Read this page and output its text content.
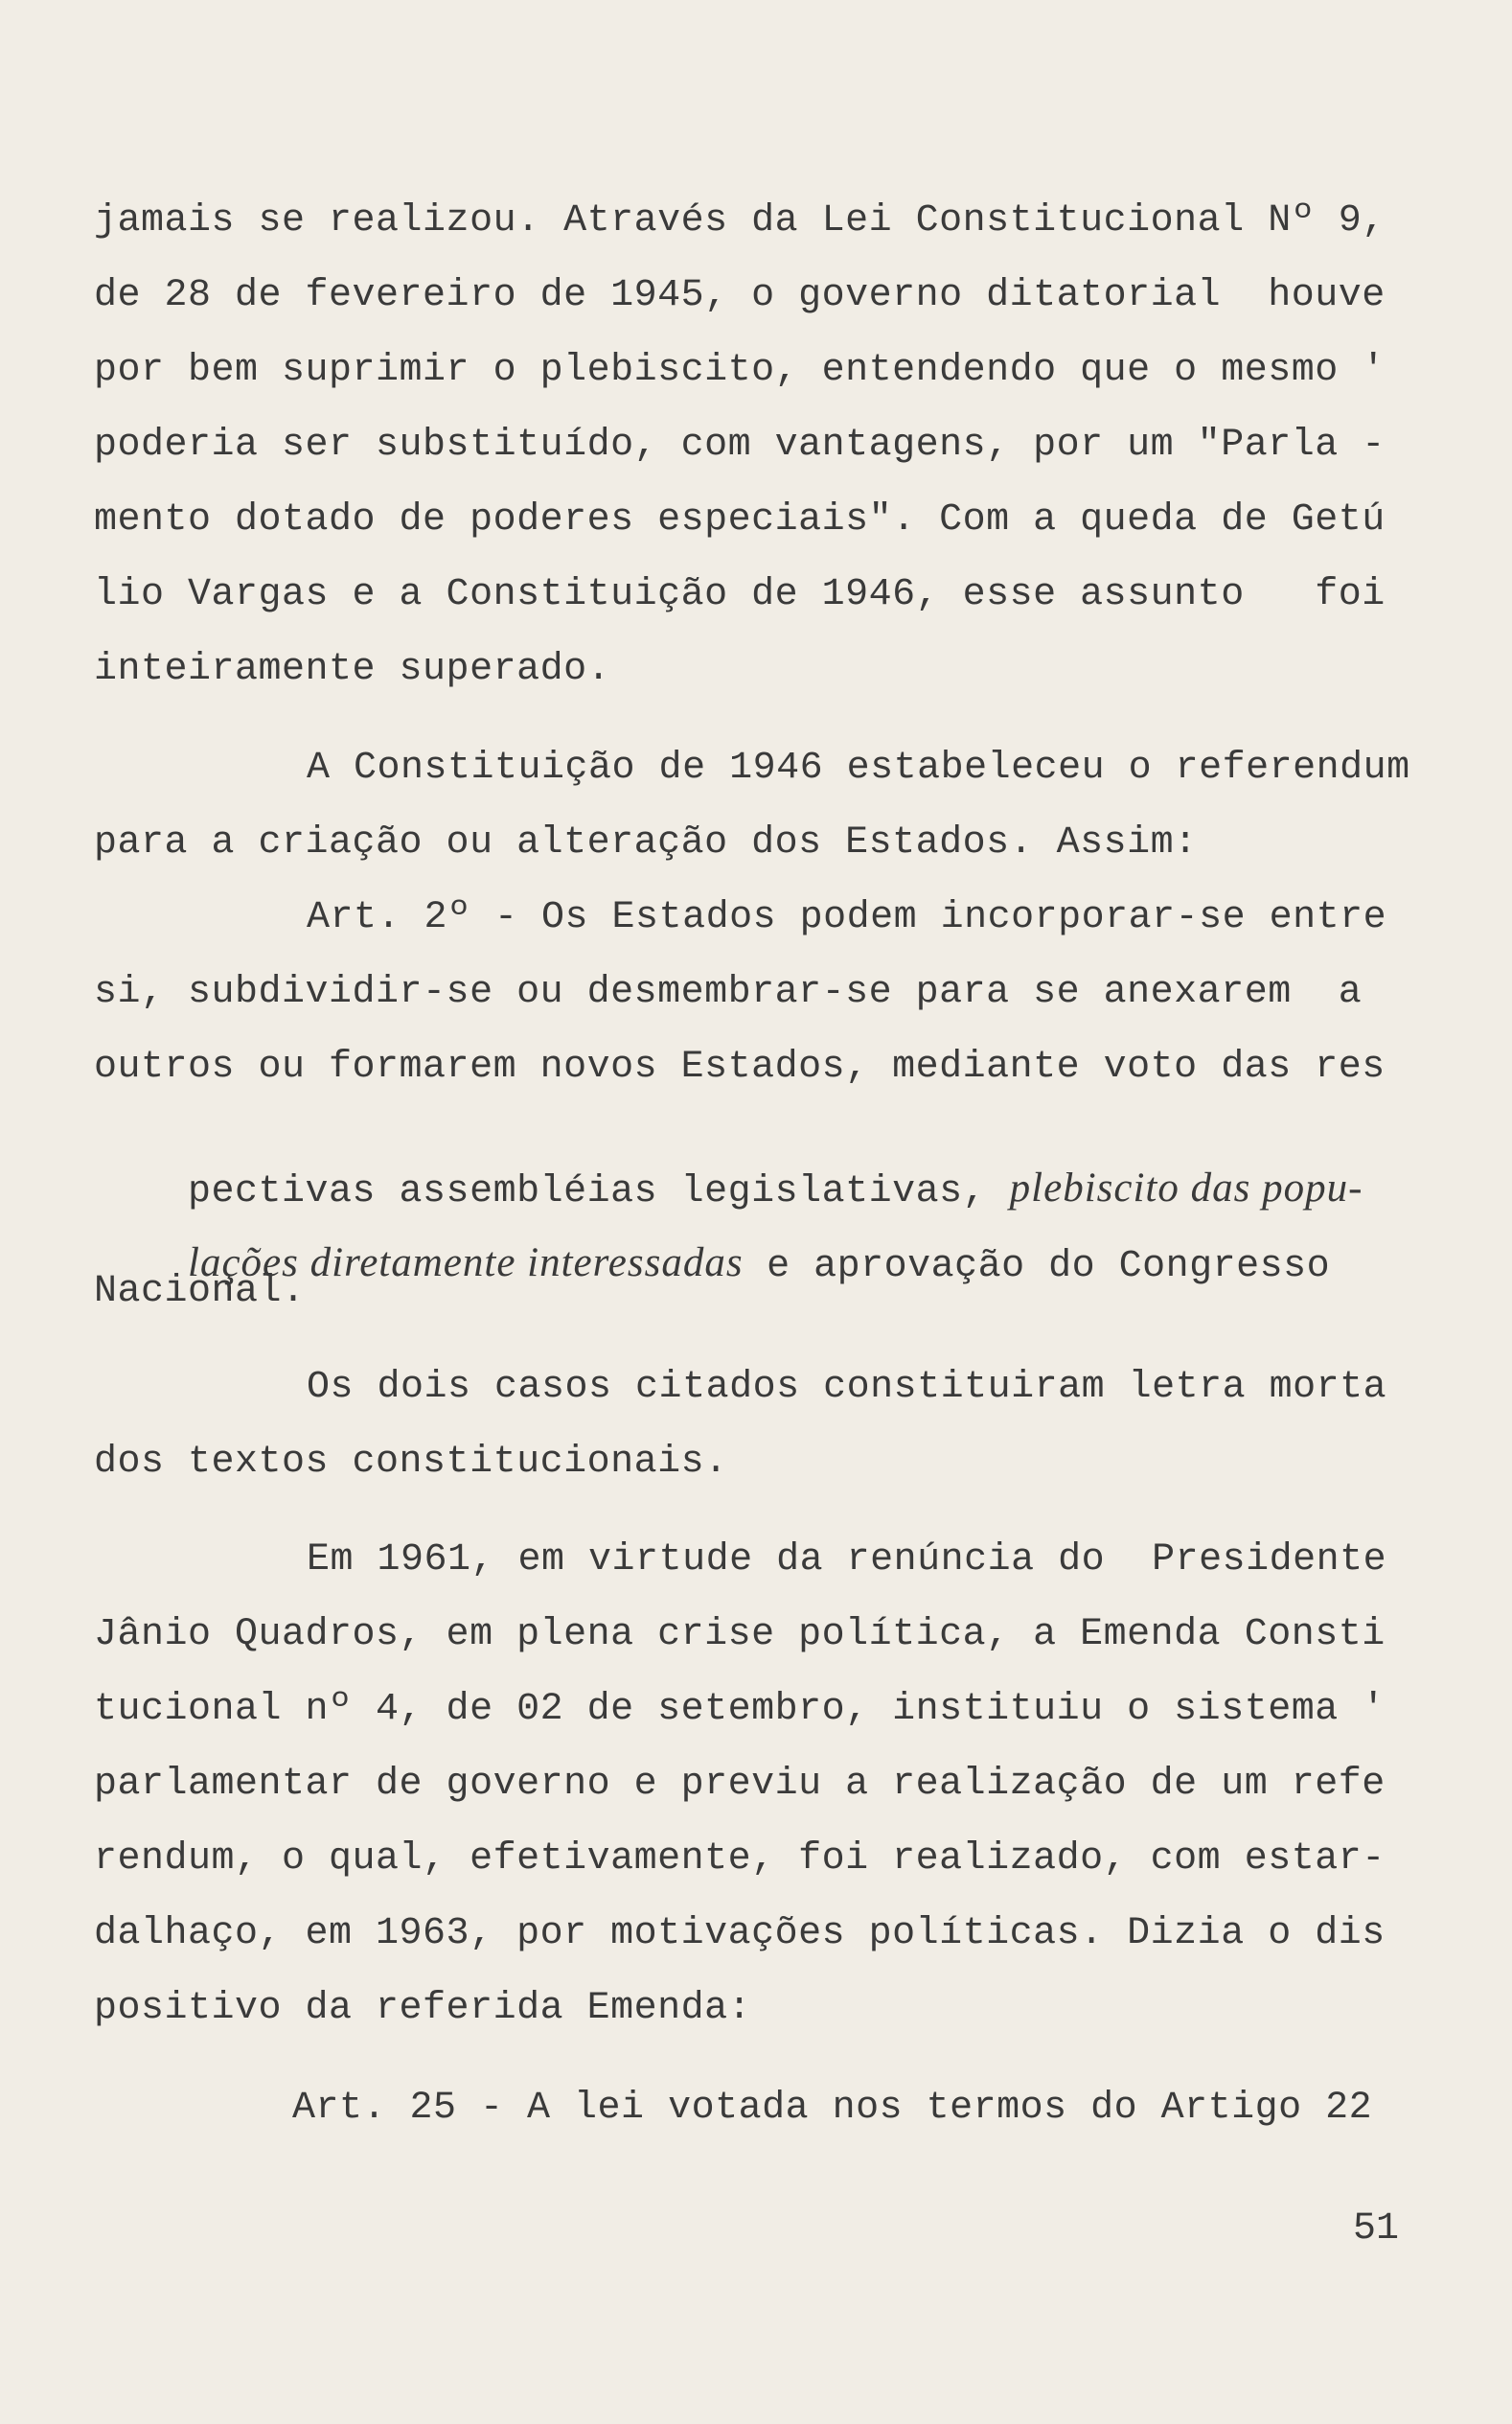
jamais se realizou. Através da Lei Constitucional Nº 9,
de 28 de fevereiro de 1945, o governo ditatorial  houve
por bem suprimir o plebiscito, entendendo que o mesmo '
poderia ser substituído, com vantagens, por um "Parla -
mento dotado de poderes especiais". Com a queda de Getú
lio Vargas e a Constituição de 1946, esse assunto   foi
inteiramente superado.
A Constituição de 1946 estabeleceu o referendum
para a criação ou alteração dos Estados. Assim:
Art. 2º - Os Estados podem incorporar-se entre
si, subdividir-se ou desmembrar-se para se anexarem  a
outros ou formarem novos Estados, mediante voto das res

pectivas assembléias legislativas, plebiscito das popu-

lações diretamente interessadas e aprovação do Congresso

Nacional.
Os dois casos citados constituiram letra morta
dos textos constitucionais.
Em 1961, em virtude da renúncia do  Presidente
Jânio Quadros, em plena crise política, a Emenda Consti
tucional nº 4, de 02 de setembro, instituiu o sistema '
parlamentar de governo e previu a realização de um refe
rendum, o qual, efetivamente, foi realizado, com estar-
dalhaço, em 1963, por motivações políticas. Dizia o dis
positivo da referida Emenda:
Art. 25 - A lei votada nos termos do Artigo 22
51
